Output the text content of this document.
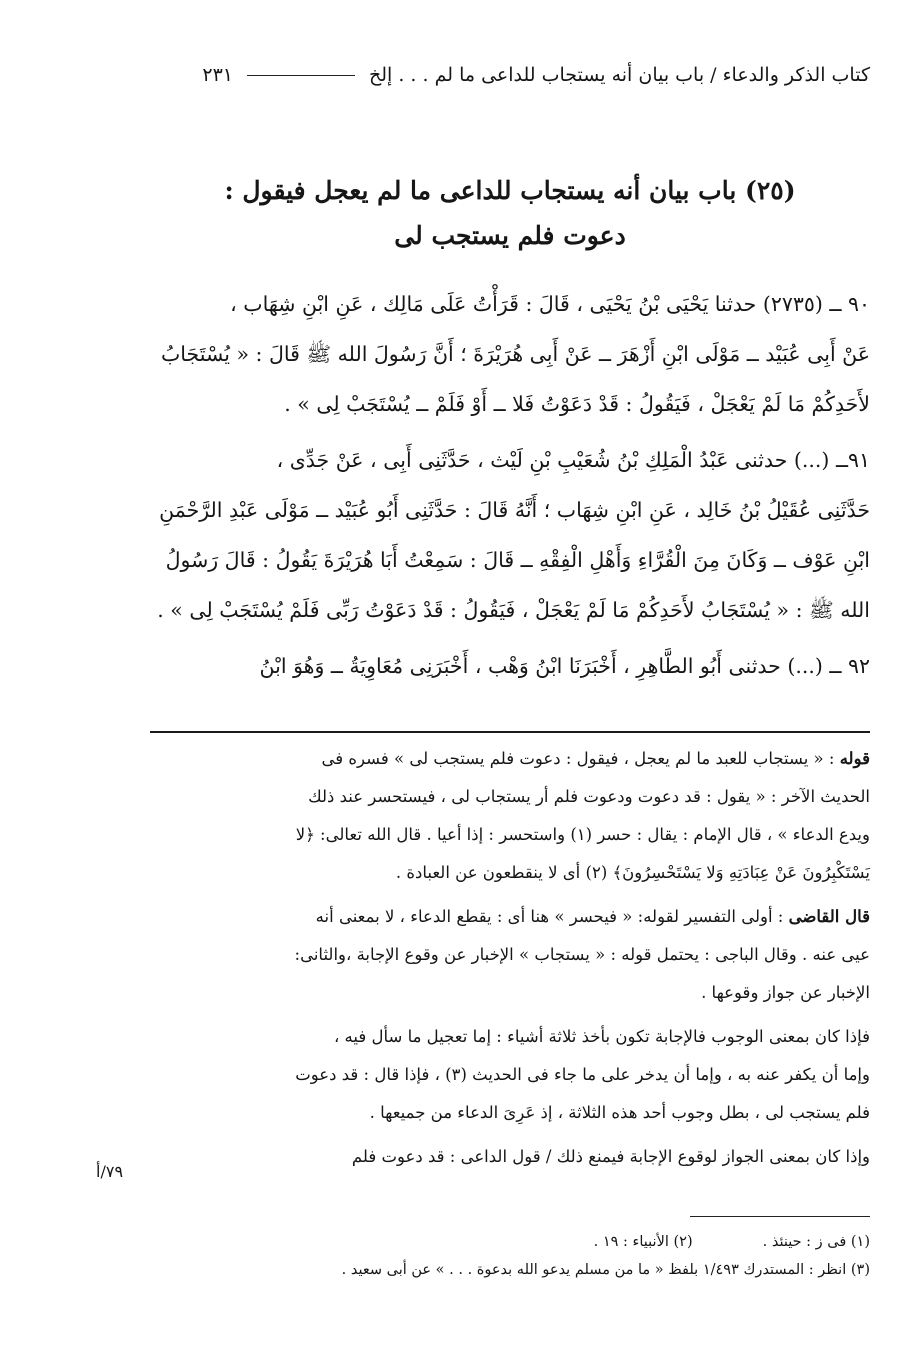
كتاب الذكر والدعاء / باب بيان أنه يستجاب للداعى ما لم . . . إلخ
٢٣١
(٢٥) باب بيان أنه يستجاب للداعى ما لم يعجل فيقول :
دعوت فلم يستجب لى

٩٠ ــ (٢٧٣٥) حدثنا يَحْيَى بْنُ يَحْيَى ، قَالَ : قَرَأْتُ عَلَى مَالِك ، عَنِ ابْنِ شِهَاب ،

عَنْ أَبِى عُبَيْد ــ مَوْلَى ابْنِ أَزْهَرَ ــ عَنْ أَبِى هُرَيْرَةَ ؛ أَنَّ رَسُولَ الله ﷺ قَالَ : « يُسْتَجَابُ

لأَحَدِكُمْ مَا لَمْ يَعْجَلْ ، فَيَقُولُ : قَدْ دَعَوْتُ فَلا ــ أَوْ فَلَمْ ــ يُسْتَجَبْ لِى » .

٩١ــ (...) حدثنى عَبْدُ الْمَلِكِ بْنُ شُعَيْبِ بْنِ لَيْث ، حَدَّثَنِى أَبِى ، عَنْ جَدِّى ،

حَدَّثَنِى عُقَيْلُ بْنُ خَالِد ، عَنِ ابْنِ شِهَاب ؛ أَنَّهُ قَالَ : حَدَّثَنِى أَبُو عُبَيْد ــ مَوْلَى عَبْدِ الرَّحْمَنِ

ابْنِ عَوْف ــ وَكَانَ مِنَ الْقُرَّاءِ وَأَهْلِ الْفِقْهِ ــ قَالَ : سَمِعْتُ أَبَا هُرَيْرَةَ يَقُولُ : قَالَ رَسُولُ

الله ﷺ : « يُسْتَجَابُ لأَحَدِكُمْ مَا لَمْ يَعْجَلْ ، فَيَقُولُ : قَدْ دَعَوْتُ رَبِّى فَلَمْ يُسْتَجَبْ لِى » .

٩٢ ــ (...) حدثنى أَبُو الطَّاهِرِ ، أَخْبَرَنَا ابْنُ وَهْب ، أَخْبَرَنِى مُعَاوِيَةُ ــ وَهُوَ ابْنُ

قوله : « يستجاب للعبد ما لم يعجل ، فيقول : دعوت فلم يستجب لى » فسره فى

الحديث الآخر : « يقول : قد دعوت ودعوت فلم أر يستجاب لى ، فيستحسر عند ذلك

ويدع الدعاء » ، قال الإمام : يقال : حسر (١) واستحسر : إذا أعيا . قال الله تعالى: ﴿لا

يَسْتَكْبِرُونَ عَنْ عِبَادَتِهِ وَلا يَسْتَحْسِرُونَ﴾ (٢) أى لا ينقطعون عن العبادة .

قال القاضى : أولى التفسير لقوله: « فيحسر » هنا أى : يقطع الدعاء ، لا بمعنى أنه

عيى عنه . وقال الباجى : يحتمل قوله : « يستجاب » الإخبار عن وقوع الإجابة ،والثانى:

الإخبار عن جواز وقوعها .

فإذا كان بمعنى الوجوب فالإجابة تكون بأخذ ثلاثة أشياء : إما تعجيل ما سأل فيه ،

وإما أن يكفر عنه به ، وإما أن يدخر على ما جاء فى الحديث (٣) ، فإذا قال : قد دعوت

فلم يستجب لى ، بطل وجوب أحد هذه الثلاثة ، إذ عَرِىَ الدعاء من جميعها .

وإذا كان بمعنى الجواز لوقوع الإجابة فيمنع ذلك / قول الداعى : قد دعوت فلم

٧٩/أ
(١) فى ز : حينئذ .
(٢) الأنبياء : ١٩ .
(٣) انظر : المستدرك ١/٤٩٣ بلفظ « ما من مسلم يدعو الله بدعوة . . . » عن أبى سعيد .
